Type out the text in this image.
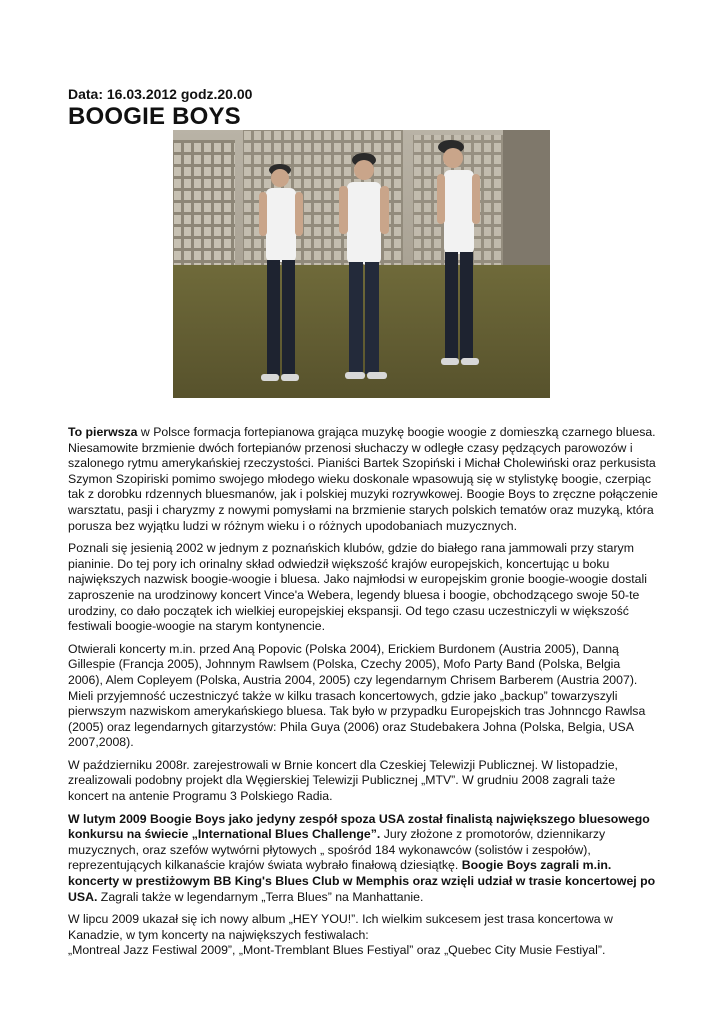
Data: 16.03.2012 godz.20.00

BOOGIE BOYS

To pierwsza w Polsce formacja fortepianowa grająca muzykę boogie woogie z domieszką czarnego bluesa. Niesamowite brzmienie dwóch fortepianów przenosi słuchaczy w odległe czasy pędzących parowozów i szalonego rytmu amerykańskiej rzeczystości. Pianiści Bartek Szopiński i Michał Cholewiński oraz perkusista Szymon Szopiriski pomimo swojego młodego wieku doskonale wpasowują się w stylistykę boogie, czerpiąc tak z dorobku rdzennych bluesmanów, jak i polskiej muzyki rozrywkowej. Boogie Boys to zręczne połączenie warsztatu, pasji i charyzmy z nowymi pomysłami na brzmienie starych polskich tematów oraz muzyką, która porusza bez wyjątku ludzi w różnym wieku i o różnych upodobaniach muzycznych.

Poznali się jesienią 2002 w jednym z poznańskich klubów, gdzie do białego rana jammowali przy starym pianinie. Do tej pory ich orinalny skład odwiedził większość krajów europejskich, koncertując u boku największych nazwisk boogie-woogie i bluesa. Jako najmłodsi w europejskim gronie boogie-woogie dostali zaproszenie na urodzinowy koncert Vince'a Webera, legendy bluesa i boogie, obchodzącego swoje 50-te urodziny, co dało początek ich wielkiej europejskiej ekspansji. Od tego czasu uczestniczyli w większość festiwali boogie-woogie na starym kontynencie.

Otwierali koncerty m.in. przed Aną Popovic (Polska 2004), Erickiem Burdonem (Austria 2005), Danną Gillespie (Francja 2005), Johnnym Rawlsem (Polska, Czechy 2005), Mofo Party Band (Polska, Belgia 2006), Alem Copleyem (Polska, Austria 2004, 2005) czy legendarnym Chrisem Barberem (Austria 2007). Mieli przyjemność uczestniczyć także w kilku trasach koncertowych, gdzie jako „backup” towarzyszyli pierwszym nazwiskom amerykańskiego bluesa. Tak było w przypadku Europejskich tras Johnncgo Rawlsa (2005) oraz legendarnych gitarzystów: Phila Guya (2006) oraz Studebakera Johna (Polska, Belgia, USA 2007,2008).

W październiku 2008r. zarejestrowali w Brnie koncert dla Czeskiej Telewizji Publicznej. W listopadzie, zrealizowali podobny projekt dla Węgierskiej Telewizji Publicznej „MTV”. W grudniu 2008 zagrali taże koncert na antenie Programu 3 Polskiego Radia.

W lutym 2009 Boogie Boys jako jedyny zespół spoza USA został finalistą największego bluesowego konkursu na świecie „International Blues Challenge”. Jury złożone z promotorów, dziennikarzy muzycznych, oraz szefów wytwórni płytowych „ spośród 184 wykonawców (solistów i zespołów), reprezentujących kilkanaście krajów świata wybrało finałową dziesiątkę. Boogie Boys zagrali m.in. koncerty w prestiżowym BB King's Blues Club w Memphis oraz wzięli udział w trasie koncertowej po USA. Zagrali także w legendarnym „Terra Blues” na Manhattanie.

W lipcu 2009 ukazał się ich nowy album „HEY YOU!”. Ich wielkim sukcesem jest trasa koncertowa w Kanadzie, w tym koncerty na największych festiwalach:
„Montreal Jazz Festiwal 2009”, „Mont-Tremblant Blues Festiyal” oraz „Quebec City Musie Festiyal”.
